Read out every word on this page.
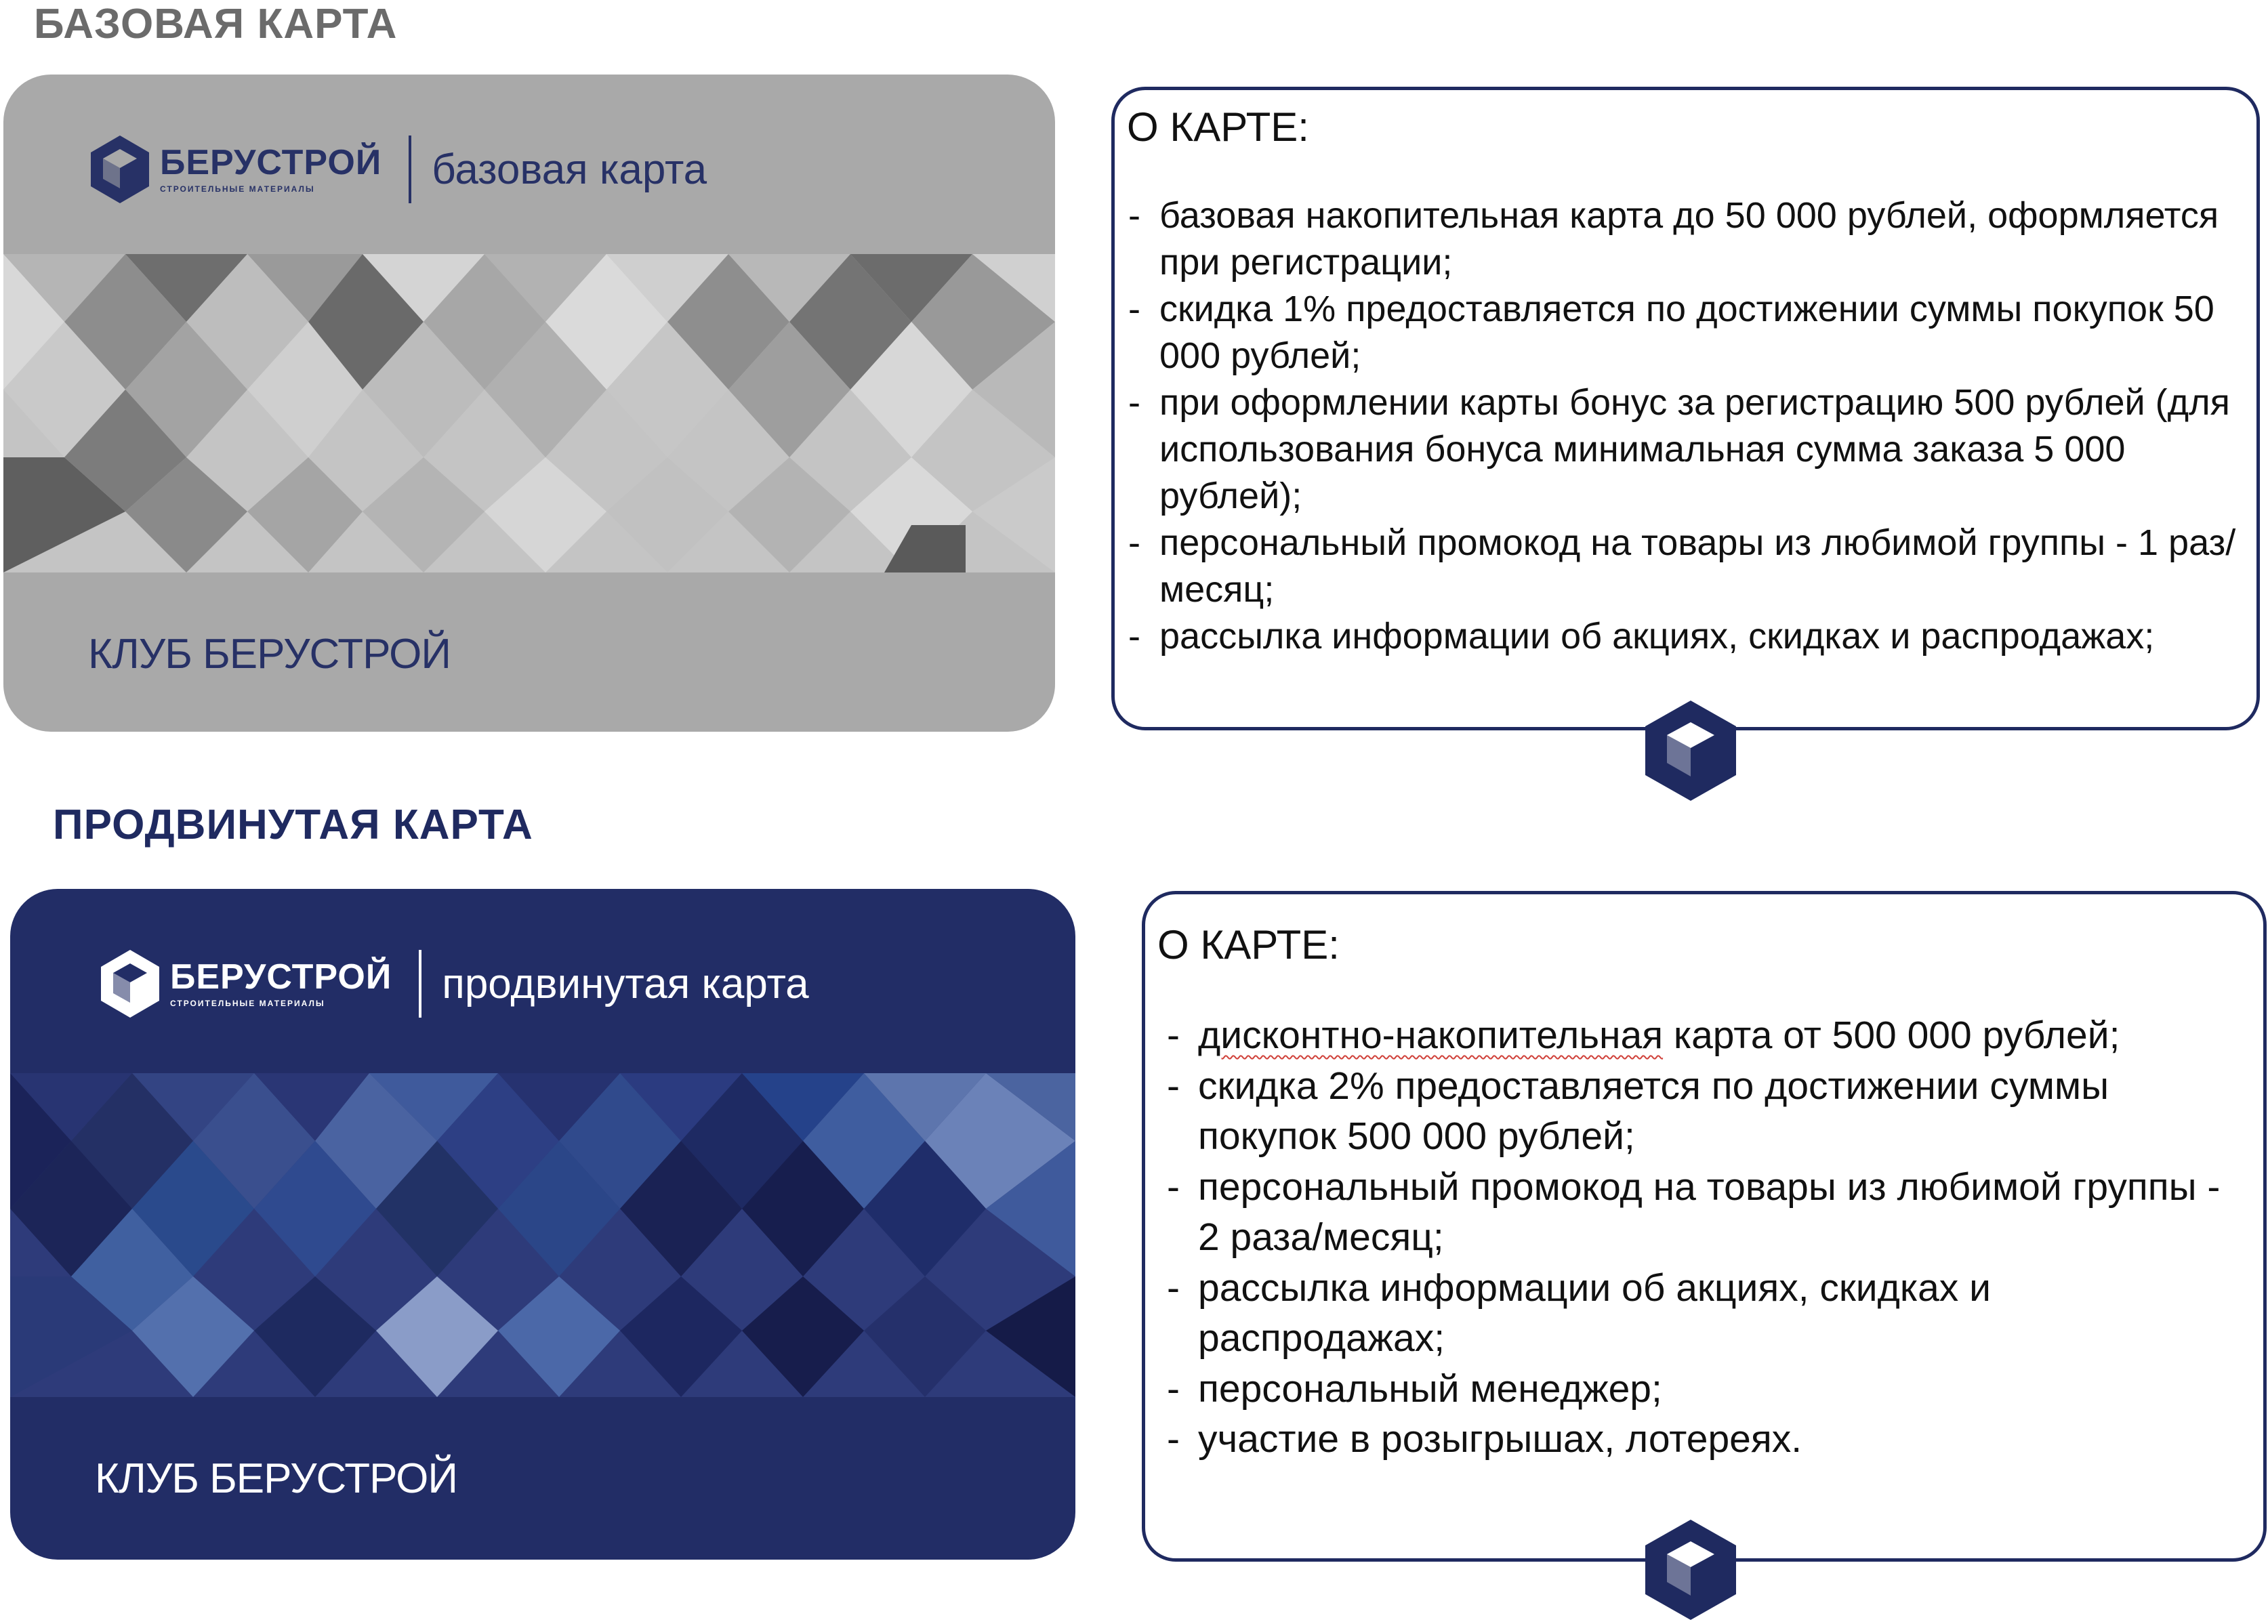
БАЗОВАЯ КАРТА
БЕРУСТРОЙ
СТРОИТЕЛЬНЫЕ МАТЕРИАЛЫ	базовая карта
КЛУБ БЕРУСТРОЙ

О КАРТЕ:

- базовая накопительная карта до 50 000 рублей, оформляется при регистрации;
- скидка 1% предоставляется по достижении суммы покупок 50 000 рублей;
- при оформлении карты бонус за регистрацию 500 рублей (для использования бонуса минимальная сумма заказа 5 000 рублей);
- персональный промокод на товары из любимой группы - 1 раз/месяц;
- рассылка информации об акциях, скидках и распродажах;
ПРОДВИНУТАЯ КАРТА
БЕРУСТРОЙ
СТРОИТЕЛЬНЫЕ МАТЕРИАЛЫ	продвинутая карта
КЛУБ БЕРУСТРОЙ

О КАРТЕ:

- дисконтно-накопительная карта от 500 000 рублей;
- скидка 2% предоставляется по достижении суммы покупок 500 000 рублей;
- персональный промокод на товары из любимой группы - 2 раза/месяц;
- рассылка информации об акциях, скидках и распродажах;
- персональный менеджер;
- участие в розыгрышах, лотереях.
